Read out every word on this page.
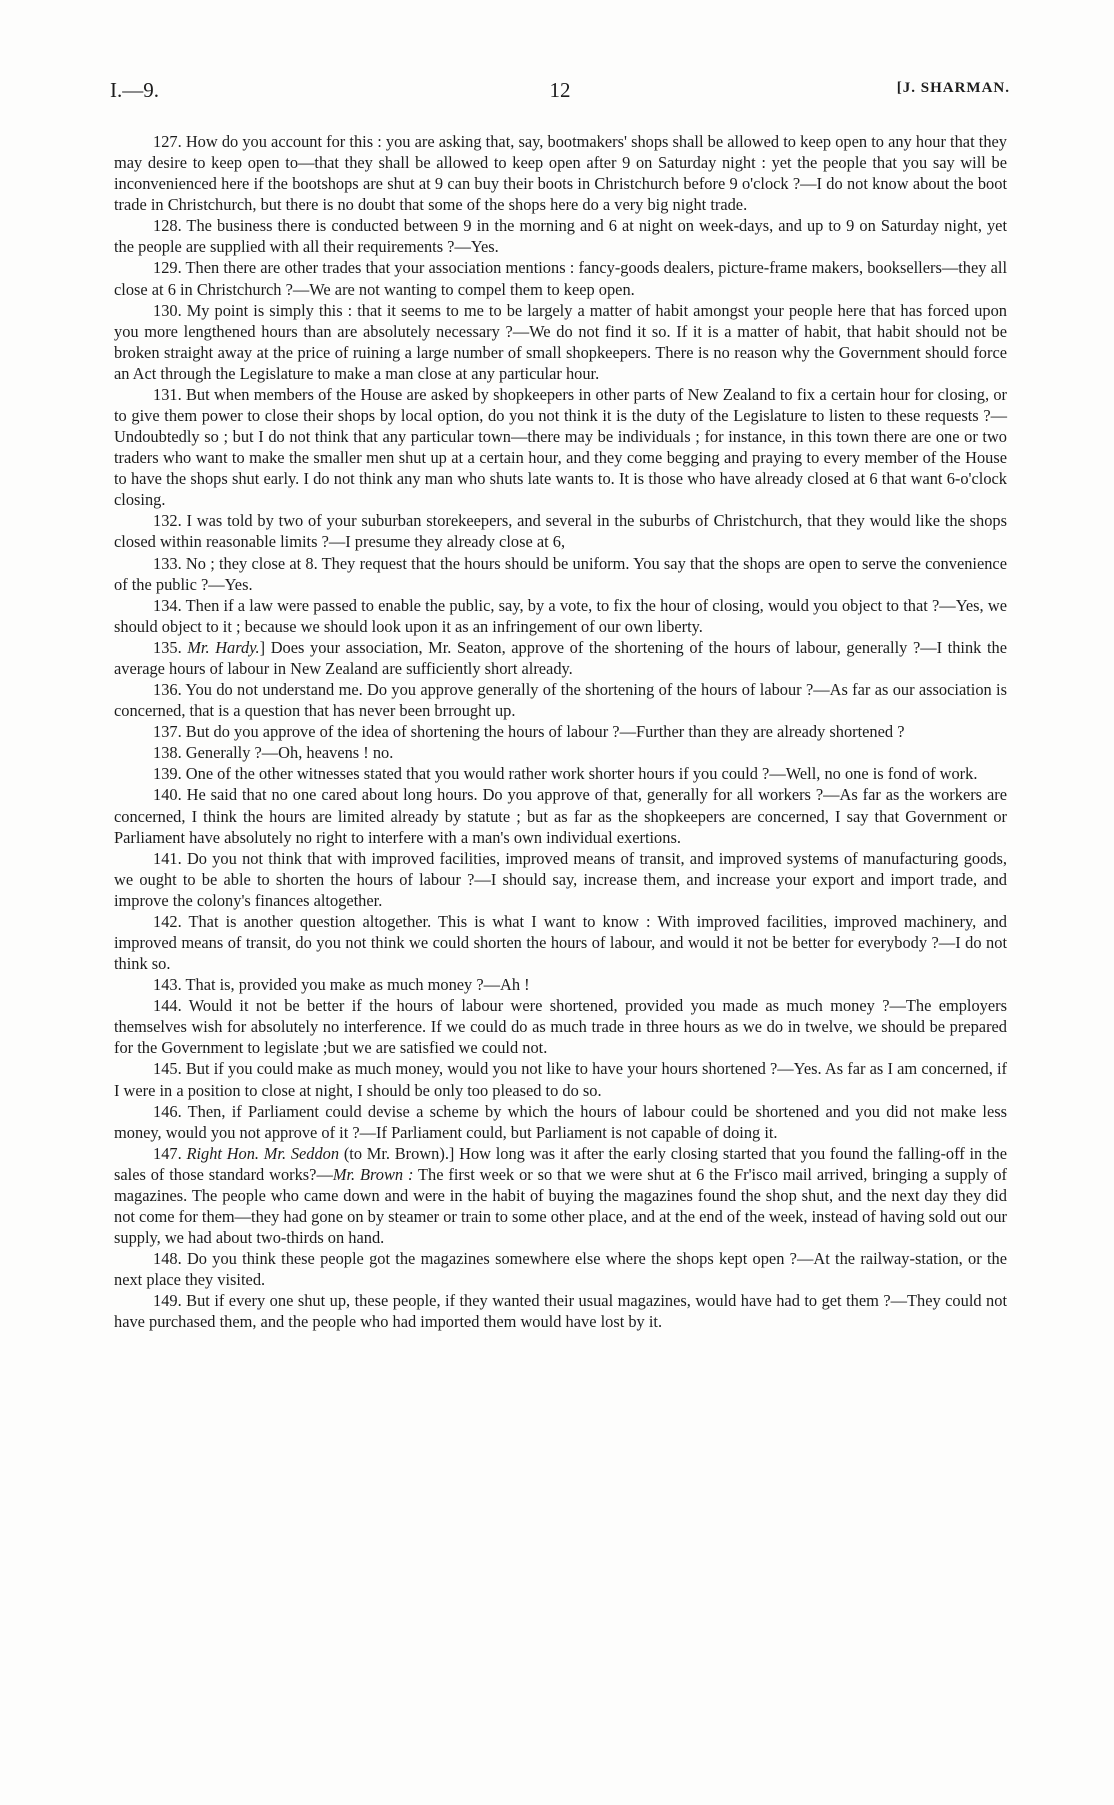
I.—9.	12	[J. SHARMAN.

127. How do you account for this : you are asking that, say, bootmakers' shops shall be allowed to keep open to any hour that they may desire to keep open to—that they shall be allowed to keep open after 9 on Saturday night : yet the people that you say will be inconvenienced here if the bootshops are shut at 9 can buy their boots in Christchurch before 9 o'clock ?—I do not know about the boot trade in Christchurch, but there is no doubt that some of the shops here do a very big night trade.

128. The business there is conducted between 9 in the morning and 6 at night on week-days, and up to 9 on Saturday night, yet the people are supplied with all their requirements ?—Yes.

129. Then there are other trades that your association mentions : fancy-goods dealers, picture-frame makers, booksellers—they all close at 6 in Christchurch ?—We are not wanting to compel them to keep open.

130. My point is simply this : that it seems to me to be largely a matter of habit amongst your people here that has forced upon you more lengthened hours than are absolutely necessary ?—We do not find it so. If it is a matter of habit, that habit should not be broken straight away at the price of ruining a large number of small shopkeepers. There is no reason why the Government should force an Act through the Legislature to make a man close at any particular hour.

131. But when members of the House are asked by shopkeepers in other parts of New Zealand to fix a certain hour for closing, or to give them power to close their shops by local option, do you not think it is the duty of the Legislature to listen to these requests ?—Undoubtedly so ; but I do not think that any particular town—there may be individuals ; for instance, in this town there are one or two traders who want to make the smaller men shut up at a certain hour, and they come begging and praying to every member of the House to have the shops shut early. I do not think any man who shuts late wants to. It is those who have already closed at 6 that want 6-o'clock closing.

132. I was told by two of your suburban storekeepers, and several in the suburbs of Christchurch, that they would like the shops closed within reasonable limits ?—I presume they already close at 6,

133. No ; they close at 8. They request that the hours should be uniform. You say that the shops are open to serve the convenience of the public ?—Yes.

134. Then if a law were passed to enable the public, say, by a vote, to fix the hour of closing, would you object to that ?—Yes, we should object to it ; because we should look upon it as an infringement of our own liberty.

135. Mr. Hardy.] Does your association, Mr. Seaton, approve of the shortening of the hours of labour, generally ?—I think the average hours of labour in New Zealand are sufficiently short already.

136. You do not understand me. Do you approve generally of the shortening of the hours of labour ?—As far as our association is concerned, that is a question that has never been brrought up.

137. But do you approve of the idea of shortening the hours of labour ?—Further than they are already shortened ?

138. Generally ?—Oh, heavens ! no.

139. One of the other witnesses stated that you would rather work shorter hours if you could ?—Well, no one is fond of work.

140. He said that no one cared about long hours. Do you approve of that, generally for all workers ?—As far as the workers are concerned, I think the hours are limited already by statute ; but as far as the shopkeepers are concerned, I say that Government or Parliament have absolutely no right to interfere with a man's own individual exertions.

141. Do you not think that with improved facilities, improved means of transit, and improved systems of manufacturing goods, we ought to be able to shorten the hours of labour ?—I should say, increase them, and increase your export and import trade, and improve the colony's finances altogether.

142. That is another question altogether. This is what I want to know : With improved facilities, improved machinery, and improved means of transit, do you not think we could shorten the hours of labour, and would it not be better for everybody ?—I do not think so.

143. That is, provided you make as much money ?—Ah !

144. Would it not be better if the hours of labour were shortened, provided you made as much money ?—The employers themselves wish for absolutely no interference. If we could do as much trade in three hours as we do in twelve, we should be prepared for the Government to legislate ;but we are satisfied we could not.

145. But if you could make as much money, would you not like to have your hours shortened ?—Yes. As far as I am concerned, if I were in a position to close at night, I should be only too pleased to do so.

146. Then, if Parliament could devise a scheme by which the hours of labour could be shortened and you did not make less money, would you not approve of it ?—If Parliament could, but Parliament is not capable of doing it.

147. Right Hon. Mr. Seddon (to Mr. Brown).] How long was it after the early closing started that you found the falling-off in the sales of those standard works?—Mr. Brown : The first week or so that we were shut at 6 the Fr'isco mail arrived, bringing a supply of magazines. The people who came down and were in the habit of buying the magazines found the shop shut, and the next day they did not come for them—they had gone on by steamer or train to some other place, and at the end of the week, instead of having sold out our supply, we had about two-thirds on hand.

148. Do you think these people got the magazines somewhere else where the shops kept open ?—At the railway-station, or the next place they visited.

149. But if every one shut up, these people, if they wanted their usual magazines, would have had to get them ?—They could not have purchased them, and the people who had imported them would have lost by it.
